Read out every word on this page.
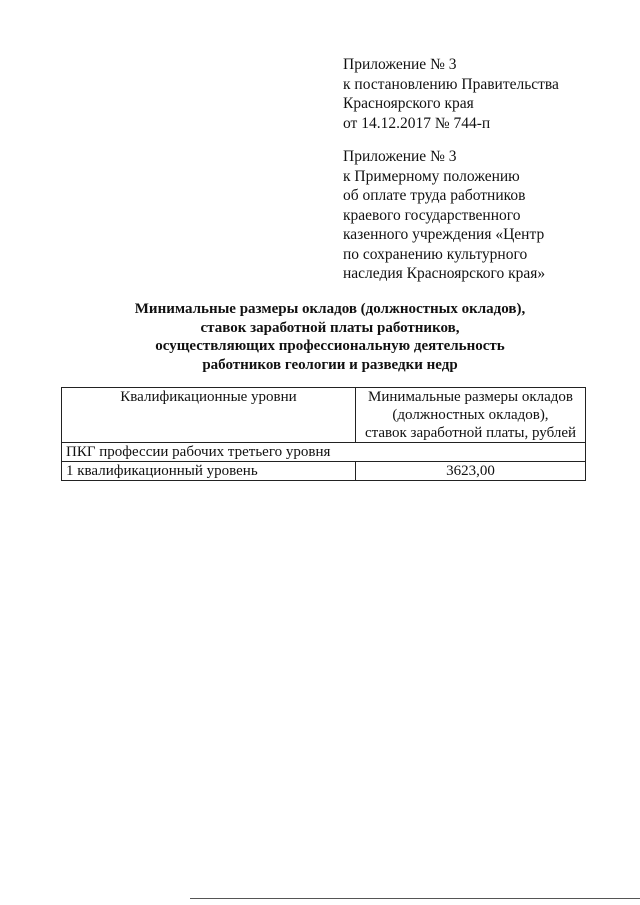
Приложение № 3
к постановлению Правительства
Красноярского края
от 14.12.2017 № 744-п
Приложение № 3
к Примерному положению
об оплате труда работников
краевого государственного
казенного учреждения «Центр
по сохранению культурного
наследия Красноярского края»
Минимальные размеры окладов (должностных окладов),
ставок заработной платы работников,
осуществляющих профессиональную деятельность
работников геологии и разведки недр
Квалификационные уровни	Минимальные размеры окладов
(должностных окладов),
ставок заработной платы, рублей

ПКГ профессии рабочих третьего уровня	
1 квалификационный уровень	3623,00
